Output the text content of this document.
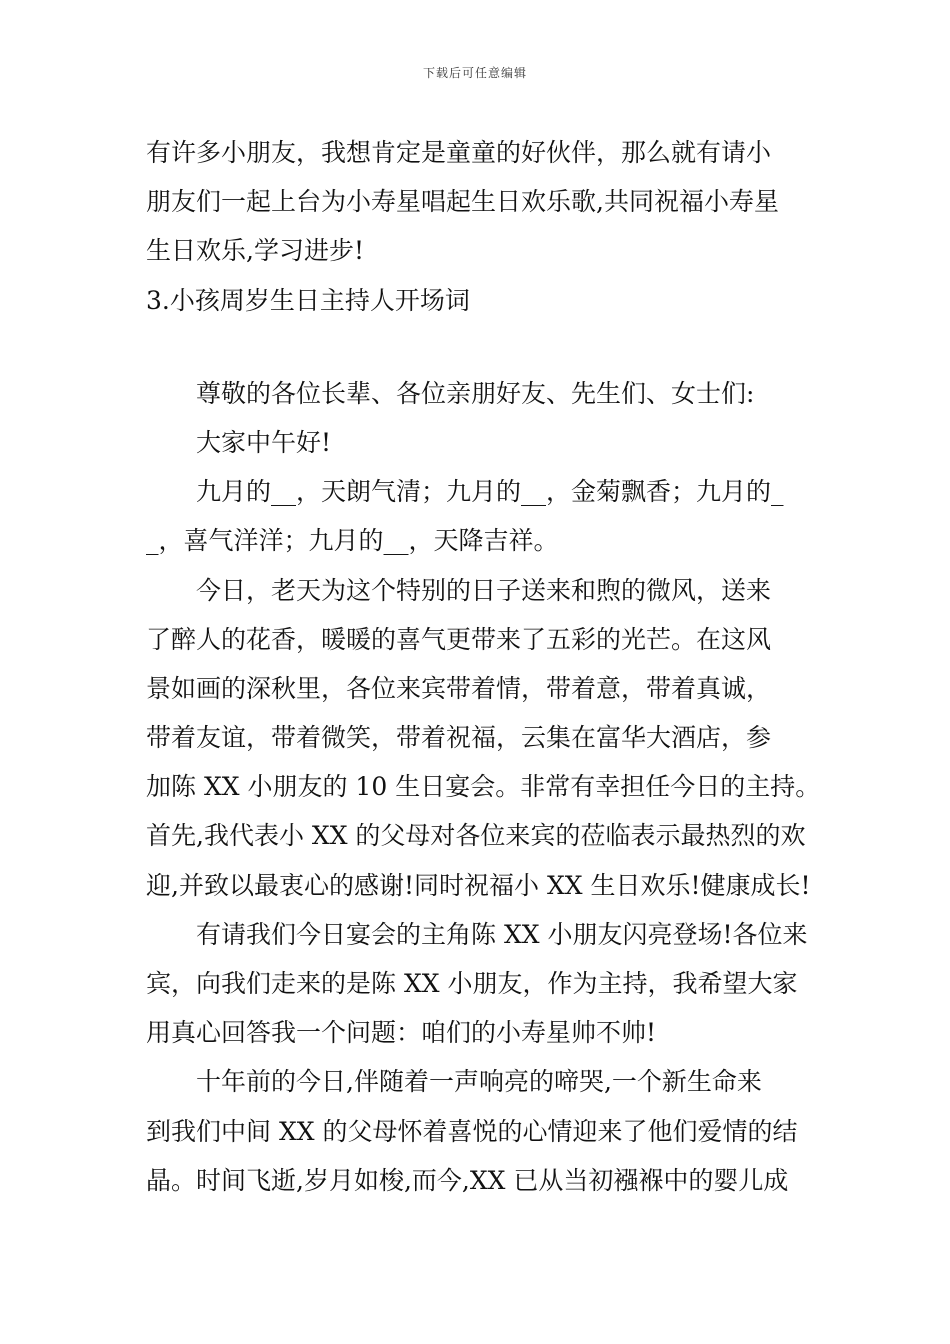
下载后可任意编辑
有许多小朋友，我想肯定是童童的好伙伴，那么就有请小
朋友们一起上台为小寿星唱起生日欢乐歌,共同祝福小寿星
生日欢乐,学习进步!
3.小孩周岁生日主持人开场词
尊敬的各位长辈、各位亲朋好友、先生们、女士们:
大家中午好!
九月的__，天朗气清；九月的__，金菊飘香；九月的_
_，喜气洋洋；九月的__，天降吉祥。
今日，老天为这个特别的日子送来和煦的微风，送来
了醉人的花香，暖暖的喜气更带来了五彩的光芒。在这风
景如画的深秋里，各位来宾带着情，带着意，带着真诚，
带着友谊，带着微笑，带着祝福，云集在富华大酒店，参
加陈 XX 小朋友的 10 生日宴会。非常有幸担任今日的主持。
首先,我代表小 XX 的父母对各位来宾的莅临表示最热烈的欢
迎,并致以最衷心的感谢!同时祝福小 XX 生日欢乐!健康成长!
有请我们今日宴会的主角陈 XX 小朋友闪亮登场!各位来
宾，向我们走来的是陈 XX 小朋友，作为主持，我希望大家
用真心回答我一个问题：咱们的小寿星帅不帅!
十年前的今日,伴随着一声响亮的啼哭,一个新生命来
到我们中间 XX 的父母怀着喜悦的心情迎来了他们爱情的结
晶。时间飞逝,岁月如梭,而今,XX 已从当初襁褓中的婴儿成
